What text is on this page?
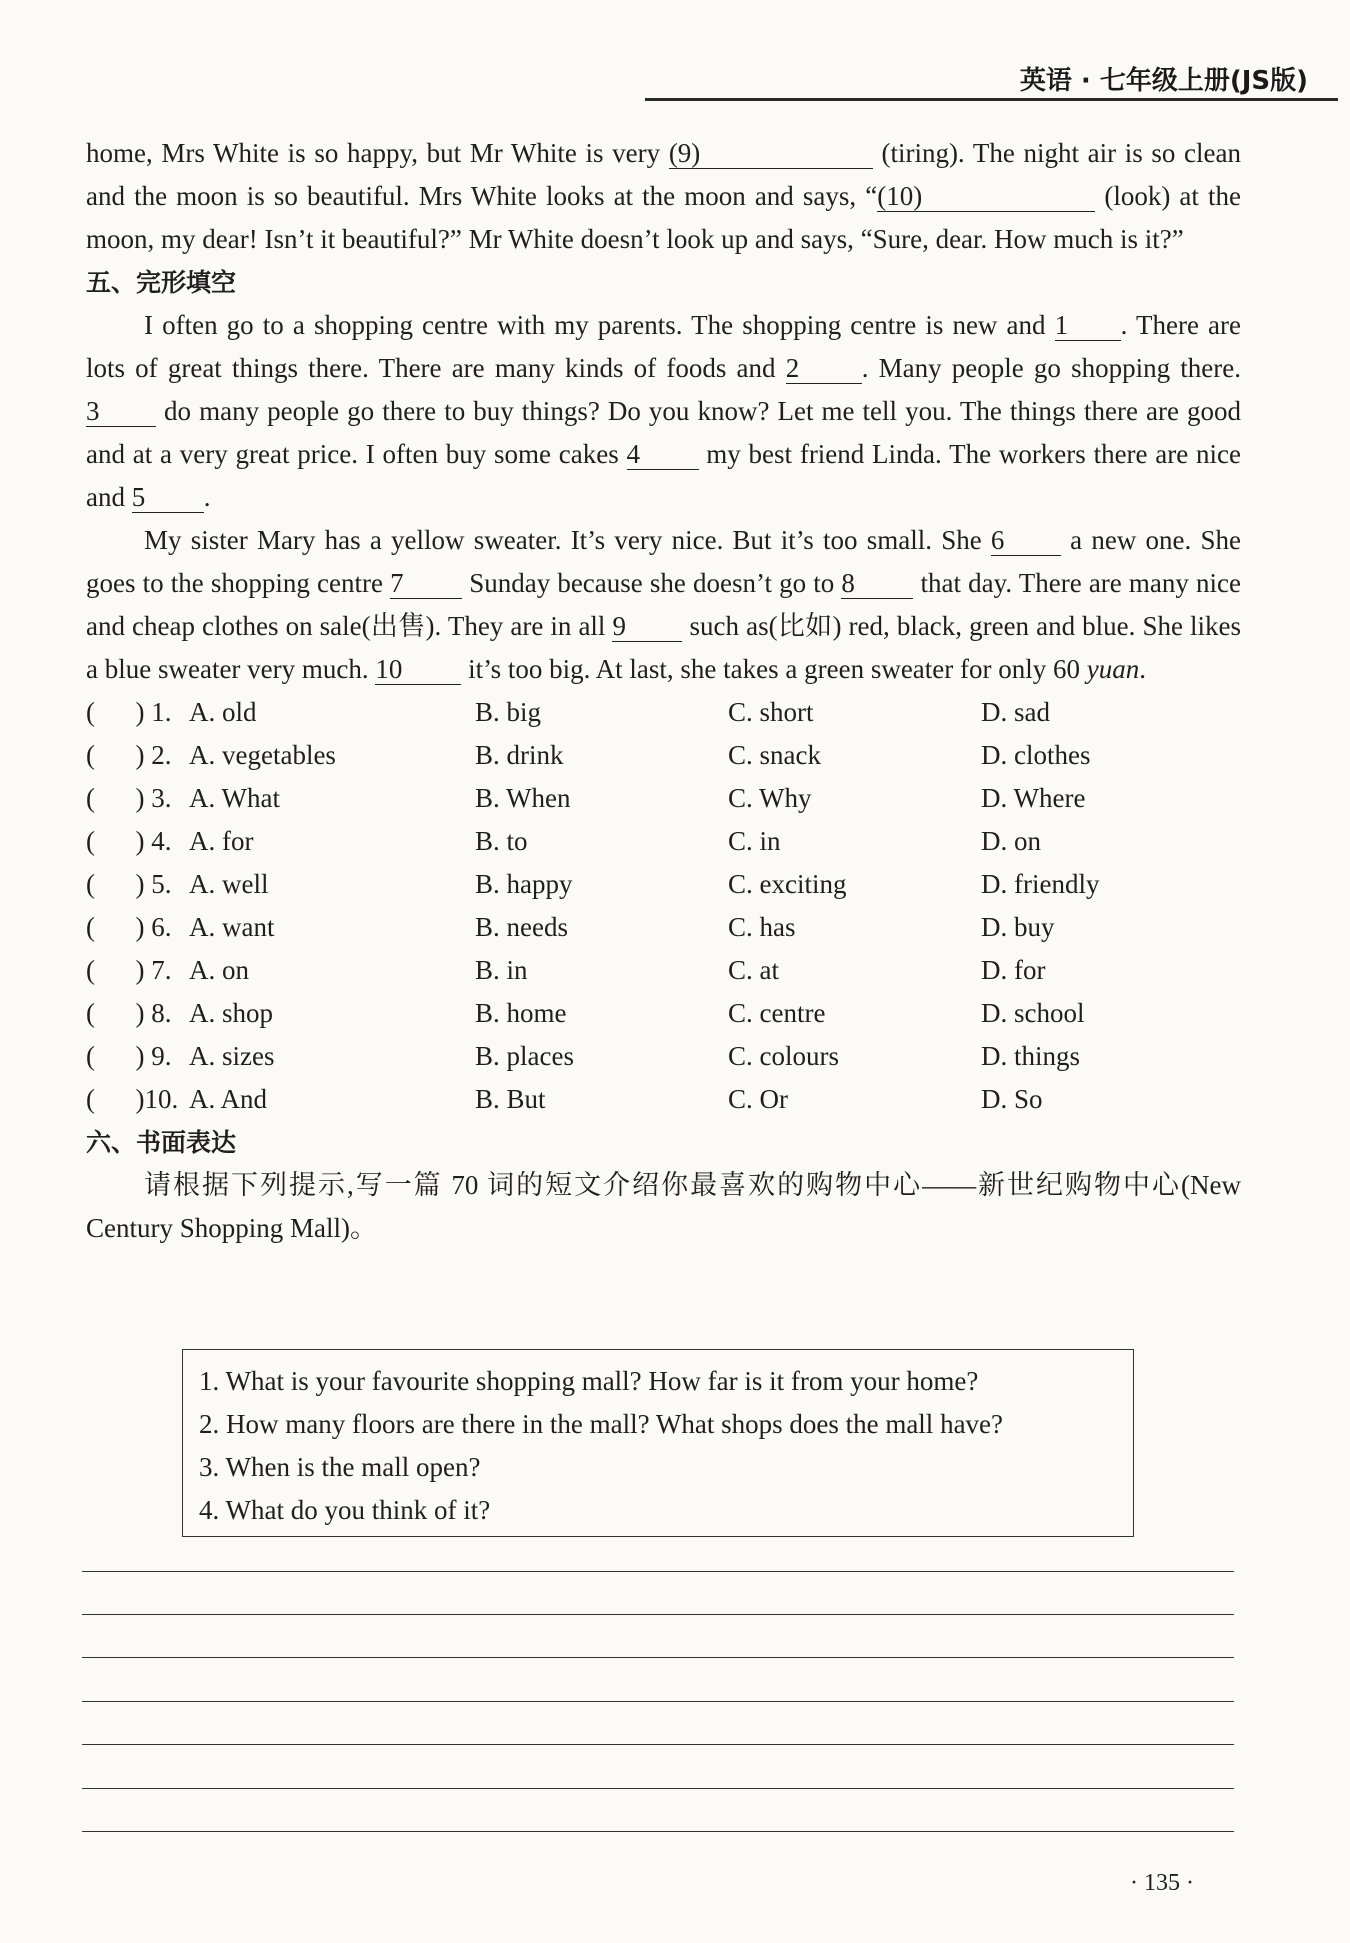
英语 · 七年级上册(JS版)

home, Mrs White is so happy, but Mr White is very (9)	(tiring). The night air is so clean and the moon is so beautiful. Mrs White looks at the moon and says, “(10)	(look) at the moon, my dear! Isn’t it beautiful?” Mr White doesn’t look up and says, “Sure, dear. How much is it?”

五、完形填空

I often go to a shopping centre with my parents. The shopping centre is new and 1 . There are lots of great things there. There are many kinds of foods and 2 . Many people go shopping there. 3 do many people go there to buy things? Do you know? Let me tell you. The things there are good and at a very great price. I often buy some cakes 4 my best friend Linda. The workers there are nice and 5 .

My sister Mary has a yellow sweater. It’s very nice. But it’s too small. She 6 a new one. She goes to the shopping centre 7 Sunday because she doesn’t go to 8 that day. There are many nice and cheap clothes on sale(出售). They are in all 9 such as(比如) red, black, green and blue. She likes a blue sweater very much. 10 it’s too big. At last, she takes a green sweater for only 60 yuan.

(      ) 1. A. old	B. big	C. short	D. sad
(      ) 2. A. vegetables	B. drink	C. snack	D. clothes
(      ) 3. A. What	B. When	C. Why	D. Where
(      ) 4. A. for	B. to	C. in	D. on
(      ) 5. A. well	B. happy	C. exciting	D. friendly
(      ) 6. A. want	B. needs	C. has	D. buy
(      ) 7. A. on	B. in	C. at	D. for
(      ) 8. A. shop	B. home	C. centre	D. school
(      ) 9. A. sizes	B. places	C. colours	D. things
(      )10. A. And	B. But	C. Or	D. So

六、书面表达

请根据下列提示,写一篇 70 词的短文介绍你最喜欢的购物中心——新世纪购物中心(New Century Shopping Mall)。

1. What is your favourite shopping mall? How far is it from your home?

2. How many floors are there in the mall? What shops does the mall have?

3. When is the mall open?

4. What do you think of it?

· 135 ·
